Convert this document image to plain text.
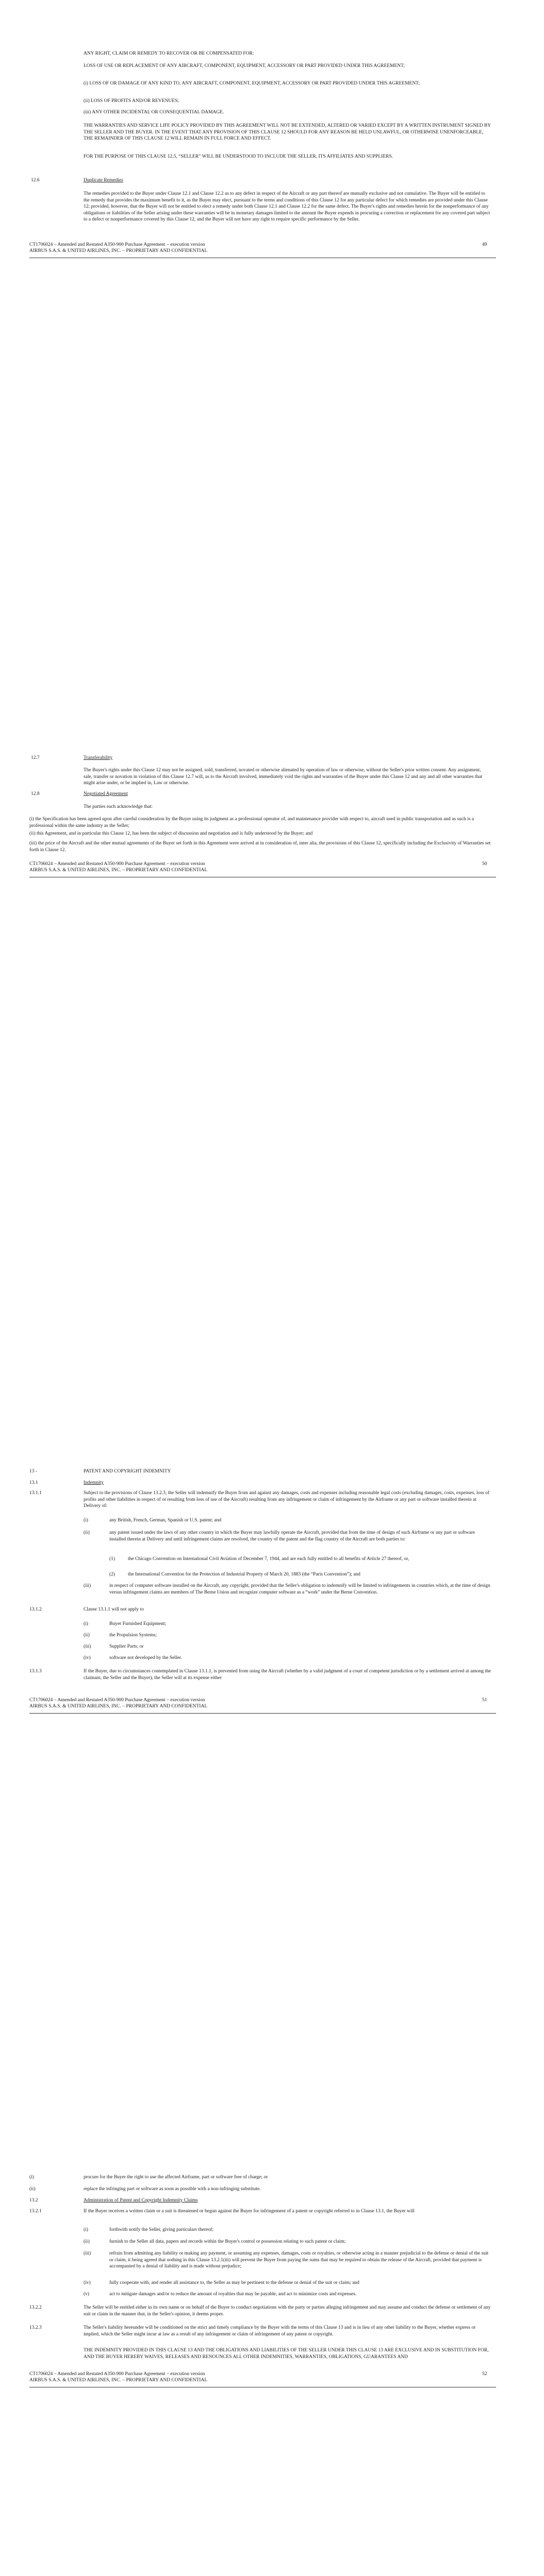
ANY RIGHT, CLAIM OR REMEDY TO RECOVER OR BE COMPENSATED FOR:

LOSS OF USE OR REPLACEMENT OF ANY AIRCRAFT, COMPONENT, EQUIPMENT, ACCESSORY OR PART PROVIDED UNDER THIS AGREEMENT;

(i) LOSS OF OR DAMAGE OF ANY KIND TO, ANY AIRCRAFT, COMPONENT, EQUIPMENT, ACCESSORY OR PART PROVIDED UNDER THIS AGREEMENT;

(ii) LOSS OF PROFITS AND/OR REVENUES;

(iii) ANY OTHER INCIDENTAL OR CONSEQUENTIAL DAMAGE.

THE WARRANTIES AND SERVICE LIFE POLICY PROVIDED BY THIS AGREEMENT WILL NOT BE EXTENDED, ALTERED OR VARIED EXCEPT BY A WRITTEN INSTRUMENT SIGNED BY THE SELLER AND THE BUYER. IN THE EVENT THAT ANY PROVISION OF THIS CLAUSE 12 SHOULD FOR ANY REASON BE HELD UNLAWFUL, OR OTHERWISE UNENFORCEABLE, THE REMAINDER OF THIS CLAUSE 12 WILL REMAIN IN FULL FORCE AND EFFECT.

FOR THE PURPOSE OF THIS CLAUSE 12.5, “SELLER” WILL BE UNDERSTOOD TO INCLUDE THE SELLER, ITS AFFILIATES AND SUPPLIERS.

12.6	Duplicate Remedies

The remedies provided to the Buyer under Clause 12.1 and Clause 12.2 as to any defect in respect of the Aircraft or any part thereof are mutually exclusive and not cumulative. The Buyer will be entitled to the remedy that provides the maximum benefit to it, as the Buyer may elect, pursuant to the terms and conditions of this Clause 12 for any particular defect for which remedies are provided under this Clause 12; provided, however, that the Buyer will not be entitled to elect a remedy under both Clause 12.1 and Clause 12.2 for the same defect. The Buyer's rights and remedies herein for the nonperformance of any obligations or liabilities of the Seller arising under these warranties will be in monetary damages limited to the amount the Buyer expends in procuring a correction or replacement for any covered part subject to a defect or nonperformance covered by this Clause 12, and the Buyer will not have any right to require specific performance by the Seller.

CT1706024 – Amended and Restated A350-900 Purchase Agreement – execution version	49

AIRBUS S.A.S. & UNITED AIRLINES, INC. – PROPRIETARY AND CONFIDENTIAL

12.7	Transferability

The Buyer's rights under this Clause 12 may not be assigned, sold, transferred, novated or otherwise alienated by operation of law or otherwise, without the Seller's prior written consent. Any assignment, sale, transfer or novation in violation of this Clause 12.7 will, as to the Aircraft involved, immediately void the rights and warranties of the Buyer under this Clause 12 and any and all other warranties that might arise under, or be implied in, Law or otherwise.

12.8	Negotiated Agreement

The parties each acknowledge that:

(i) the Specification has been agreed upon after careful consideration by the Buyer using its judgment as a professional operator of, and maintenance provider with respect to, aircraft used in public transportation and as such is a professional within the same industry as the Seller;

(ii) this Agreement, and in particular this Clause 12, has been the subject of discussion and negotiation and is fully understood by the Buyer; and

(iii) the price of the Aircraft and the other mutual agreements of the Buyer set forth in this Agreement were arrived at in consideration of, inter alia, the provisions of this Clause 12, specifically including the Exclusivity of Warranties set forth in Clause 12.

CT1706024 – Amended and Restated A350-900 Purchase Agreement – execution version	50

AIRBUS S.A.S. & UNITED AIRLINES, INC. – PROPRIETARY AND CONFIDENTIAL

13 -	PATENT AND COPYRIGHT INDEMNITY

13.1	Indemnity

13.1.1	Subject to the provisions of Clause 13.2.3, the Seller will indemnify the Buyer from and against any damages, costs and expenses including reasonable legal costs (excluding damages, costs, expenses, loss of profits and other liabilities in respect of or resulting from loss of use of the Aircraft) resulting from any infringement or claim of infringement by the Airframe or any part or software installed therein at Delivery of:

(i)	any British, French, German, Spanish or U.S. patent; and

(ii)	any patent issued under the laws of any other country in which the Buyer may lawfully operate the Aircraft, provided that from the time of design of such Airframe or any part or software installed therein at Delivery and until infringement claims are resolved, the country of the patent and the flag country of the Aircraft are both parties to:

(1)	the Chicago Convention on International Civil Aviation of December 7, 1944, and are each fully entitled to all benefits of Article 27 thereof, or,

(2)	the International Convention for the Protection of Industrial Property of March 20, 1883 (the “Paris Convention”); and

(iii)	in respect of computer software installed on the Aircraft, any copyright, provided that the Seller's obligation to indemnify will be limited to infringements in countries which, at the time of design versus infringement claims are members of The Berne Union and recognize computer software as a “work” under the Berne Convention.

13.1.2	Clause 13.1.1 will not apply to

(i)	Buyer Furnished Equipment;

(ii)	the Propulsion Systems;

(iii)	Supplier Parts; or

(iv)	software not developed by the Seller.

13.1.3	If the Buyer, due to circumstances contemplated in Clause 13.1.1, is prevented from using the Aircraft (whether by a valid judgment of a court of competent jurisdiction or by a settlement arrived at among the claimant, the Seller and the Buyer), the Seller will at its expense either

CT1706024 – Amended and Restated A350-900 Purchase Agreement – execution version	51

AIRBUS S.A.S. & UNITED AIRLINES, INC. – PROPRIETARY AND CONFIDENTIAL

(i)	procure for the Buyer the right to use the affected Airframe, part or software free of charge; or

(ii)	replace the infringing part or software as soon as possible with a non-infringing substitute.

13.2	Administration of Patent and Copyright Indemnity Claims

13.2.1	If the Buyer receives a written claim or a suit is threatened or begun against the Buyer for infringement of a patent or copyright referred to in Clause 13.1, the Buyer will

(i)	forthwith notify the Seller, giving particulars thereof;

(ii)	furnish to the Seller all data, papers and records within the Buyer's control or possession relating to such patent or claim;

(iii)	refrain from admitting any liability or making any payment, or assuming any expenses, damages, costs or royalties, or otherwise acting in a manner prejudicial to the defense or denial of the suit or claim, it being agreed that nothing in this Clause 13.2.1(iii) will prevent the Buyer from paying the sums that may be required to obtain the release of the Aircraft, provided that payment is accompanied by a denial of liability and is made without prejudice;

(iv)	fully cooperate with, and render all assistance to, the Seller as may be pertinent to the defense or denial of the suit or claim; and

(v)	act to mitigate damages and/or to reduce the amount of royalties that may be payable, and act to minimize costs and expenses.

13.2.2	The Seller will be entitled either in its own name or on behalf of the Buyer to conduct negotiations with the party or parties alleging infringement and may assume and conduct the defense or settlement of any suit or claim in the manner that, in the Seller's opinion, it deems proper.

13.2.3	The Seller's liability hereunder will be conditioned on the strict and timely compliance by the Buyer with the terms of this Clause 13 and is in lieu of any other liability to the Buyer, whether express or implied, which the Seller might incur at law as a result of any infringement or claim of infringement of any patent or copyright.

THE INDEMNITY PROVIDED IN THIS CLAUSE 13 AND THE OBLIGATIONS AND LIABILITIES OF THE SELLER UNDER THIS CLAUSE 13 ARE EXCLUSIVE AND IN SUBSTITUTION FOR, AND THE BUYER HEREBY WAIVES, RELEASES AND RENOUNCES ALL OTHER INDEMNITIES, WARRANTIES, OBLIGATIONS, GUARANTEES AND

CT1706024 – Amended and Restated A350-900 Purchase Agreement – execution version	52

AIRBUS S.A.S. & UNITED AIRLINES, INC. – PROPRIETARY AND CONFIDENTIAL
